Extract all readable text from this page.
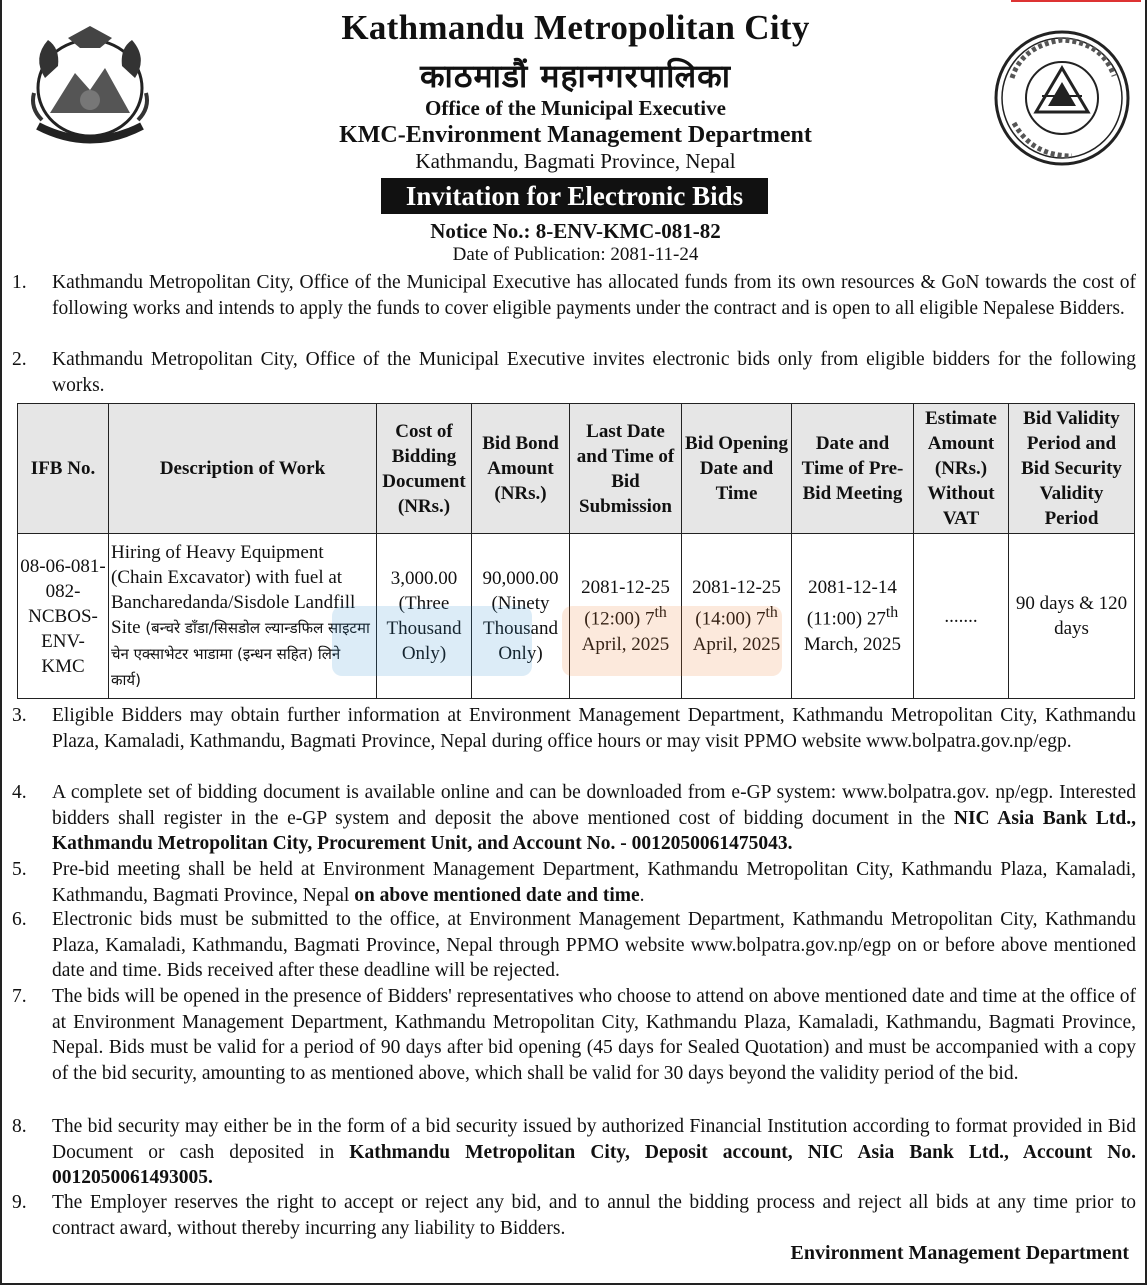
Kathmandu Metropolitan City
काठमाडौं महानगरपालिका
Office of the Municipal Executive
KMC-Environment Management Department
Kathmandu, Bagmati Province, Nepal
Invitation for Electronic Bids
Notice No.: 8-ENV-KMC-081-82
Date of Publication: 2081-11-24
1.	Kathmandu Metropolitan City, Office of the Municipal Executive has allocated funds from its own resources & GoN towards the cost of following works and intends to apply the funds to cover eligible payments under the contract and is open to all eligible Nepalese Bidders.
2.	Kathmandu Metropolitan City, Office of the Municipal Executive invites electronic bids only from eligible bidders for the following works.
IFB No.	Description of Work	Cost of Bidding Document (NRs.)	Bid Bond Amount (NRs.)	Last Date and Time of Bid Submission	Bid Opening Date and Time	Date and Time of Pre-Bid Meeting	Estimate Amount (NRs.) Without VAT	Bid Validity Period and Bid Security Validity Period
08-06-081-082-NCBOS-ENV-KMC	Hiring of Heavy Equipment (Chain Excavator) with fuel at Bancharedanda/Sisdole Landfill Site (बन्चरे डाँडा/सिसडोल ल्यान्डफिल साइटमा चेन एक्साभेटर भाडामा (इन्धन सहित) लिने कार्य)	3,000.00 (Three Thousand Only)	90,000.00 (Ninety Thousand Only)	2081-12-25 (12:00) 7th April, 2025	2081-12-25 (14:00) 7th April, 2025	2081-12-14 (11:00) 27th March, 2025	.......	90 days & 120 days
3.	Eligible Bidders may obtain further information at Environment Management Department, Kathmandu Metropolitan City, Kathmandu Plaza, Kamaladi, Kathmandu, Bagmati Province, Nepal during office hours or may visit PPMO website www.bolpatra.gov.np/egp.
4.	A complete set of bidding document is available online and can be downloaded from e-GP system: www.bolpatra.gov. np/egp. Interested bidders shall register in the e-GP system and deposit the above mentioned cost of bidding document in the NIC Asia Bank Ltd., Kathmandu Metropolitan City, Procurement Unit, and Account No. - 0012050061475043.
5.	Pre-bid meeting shall be held at Environment Management Department, Kathmandu Metropolitan City, Kathmandu Plaza, Kamaladi, Kathmandu, Bagmati Province, Nepal on above mentioned date and time.
6.	Electronic bids must be submitted to the office, at Environment Management Department, Kathmandu Metropolitan City, Kathmandu Plaza, Kamaladi, Kathmandu, Bagmati Province, Nepal through PPMO website www.bolpatra.gov.np/egp on or before above mentioned date and time. Bids received after these deadline will be rejected.
7.	The bids will be opened in the presence of Bidders' representatives who choose to attend on above mentioned date and time at the office of at Environment Management Department, Kathmandu Metropolitan City, Kathmandu Plaza, Kamaladi, Kathmandu, Bagmati Province, Nepal. Bids must be valid for a period of 90 days after bid opening (45 days for Sealed Quotation) and must be accompanied with a copy of the bid security, amounting to as mentioned above, which shall be valid for 30 days beyond the validity period of the bid.
8.	The bid security may either be in the form of a bid security issued by authorized Financial Institution according to format provided in Bid Document or cash deposited in Kathmandu Metropolitan City, Deposit account, NIC Asia Bank Ltd., Account No. 0012050061493005.
9.	The Employer reserves the right to accept or reject any bid, and to annul the bidding process and reject all bids at any time prior to contract award, without thereby incurring any liability to Bidders.
Environment Management Department
